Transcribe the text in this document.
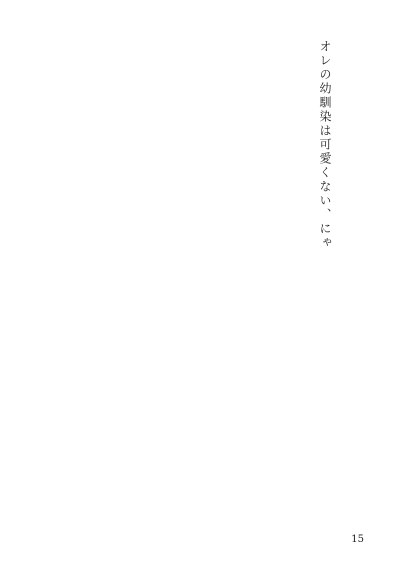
オレの幼馴染は可愛くない、にゃ
15
